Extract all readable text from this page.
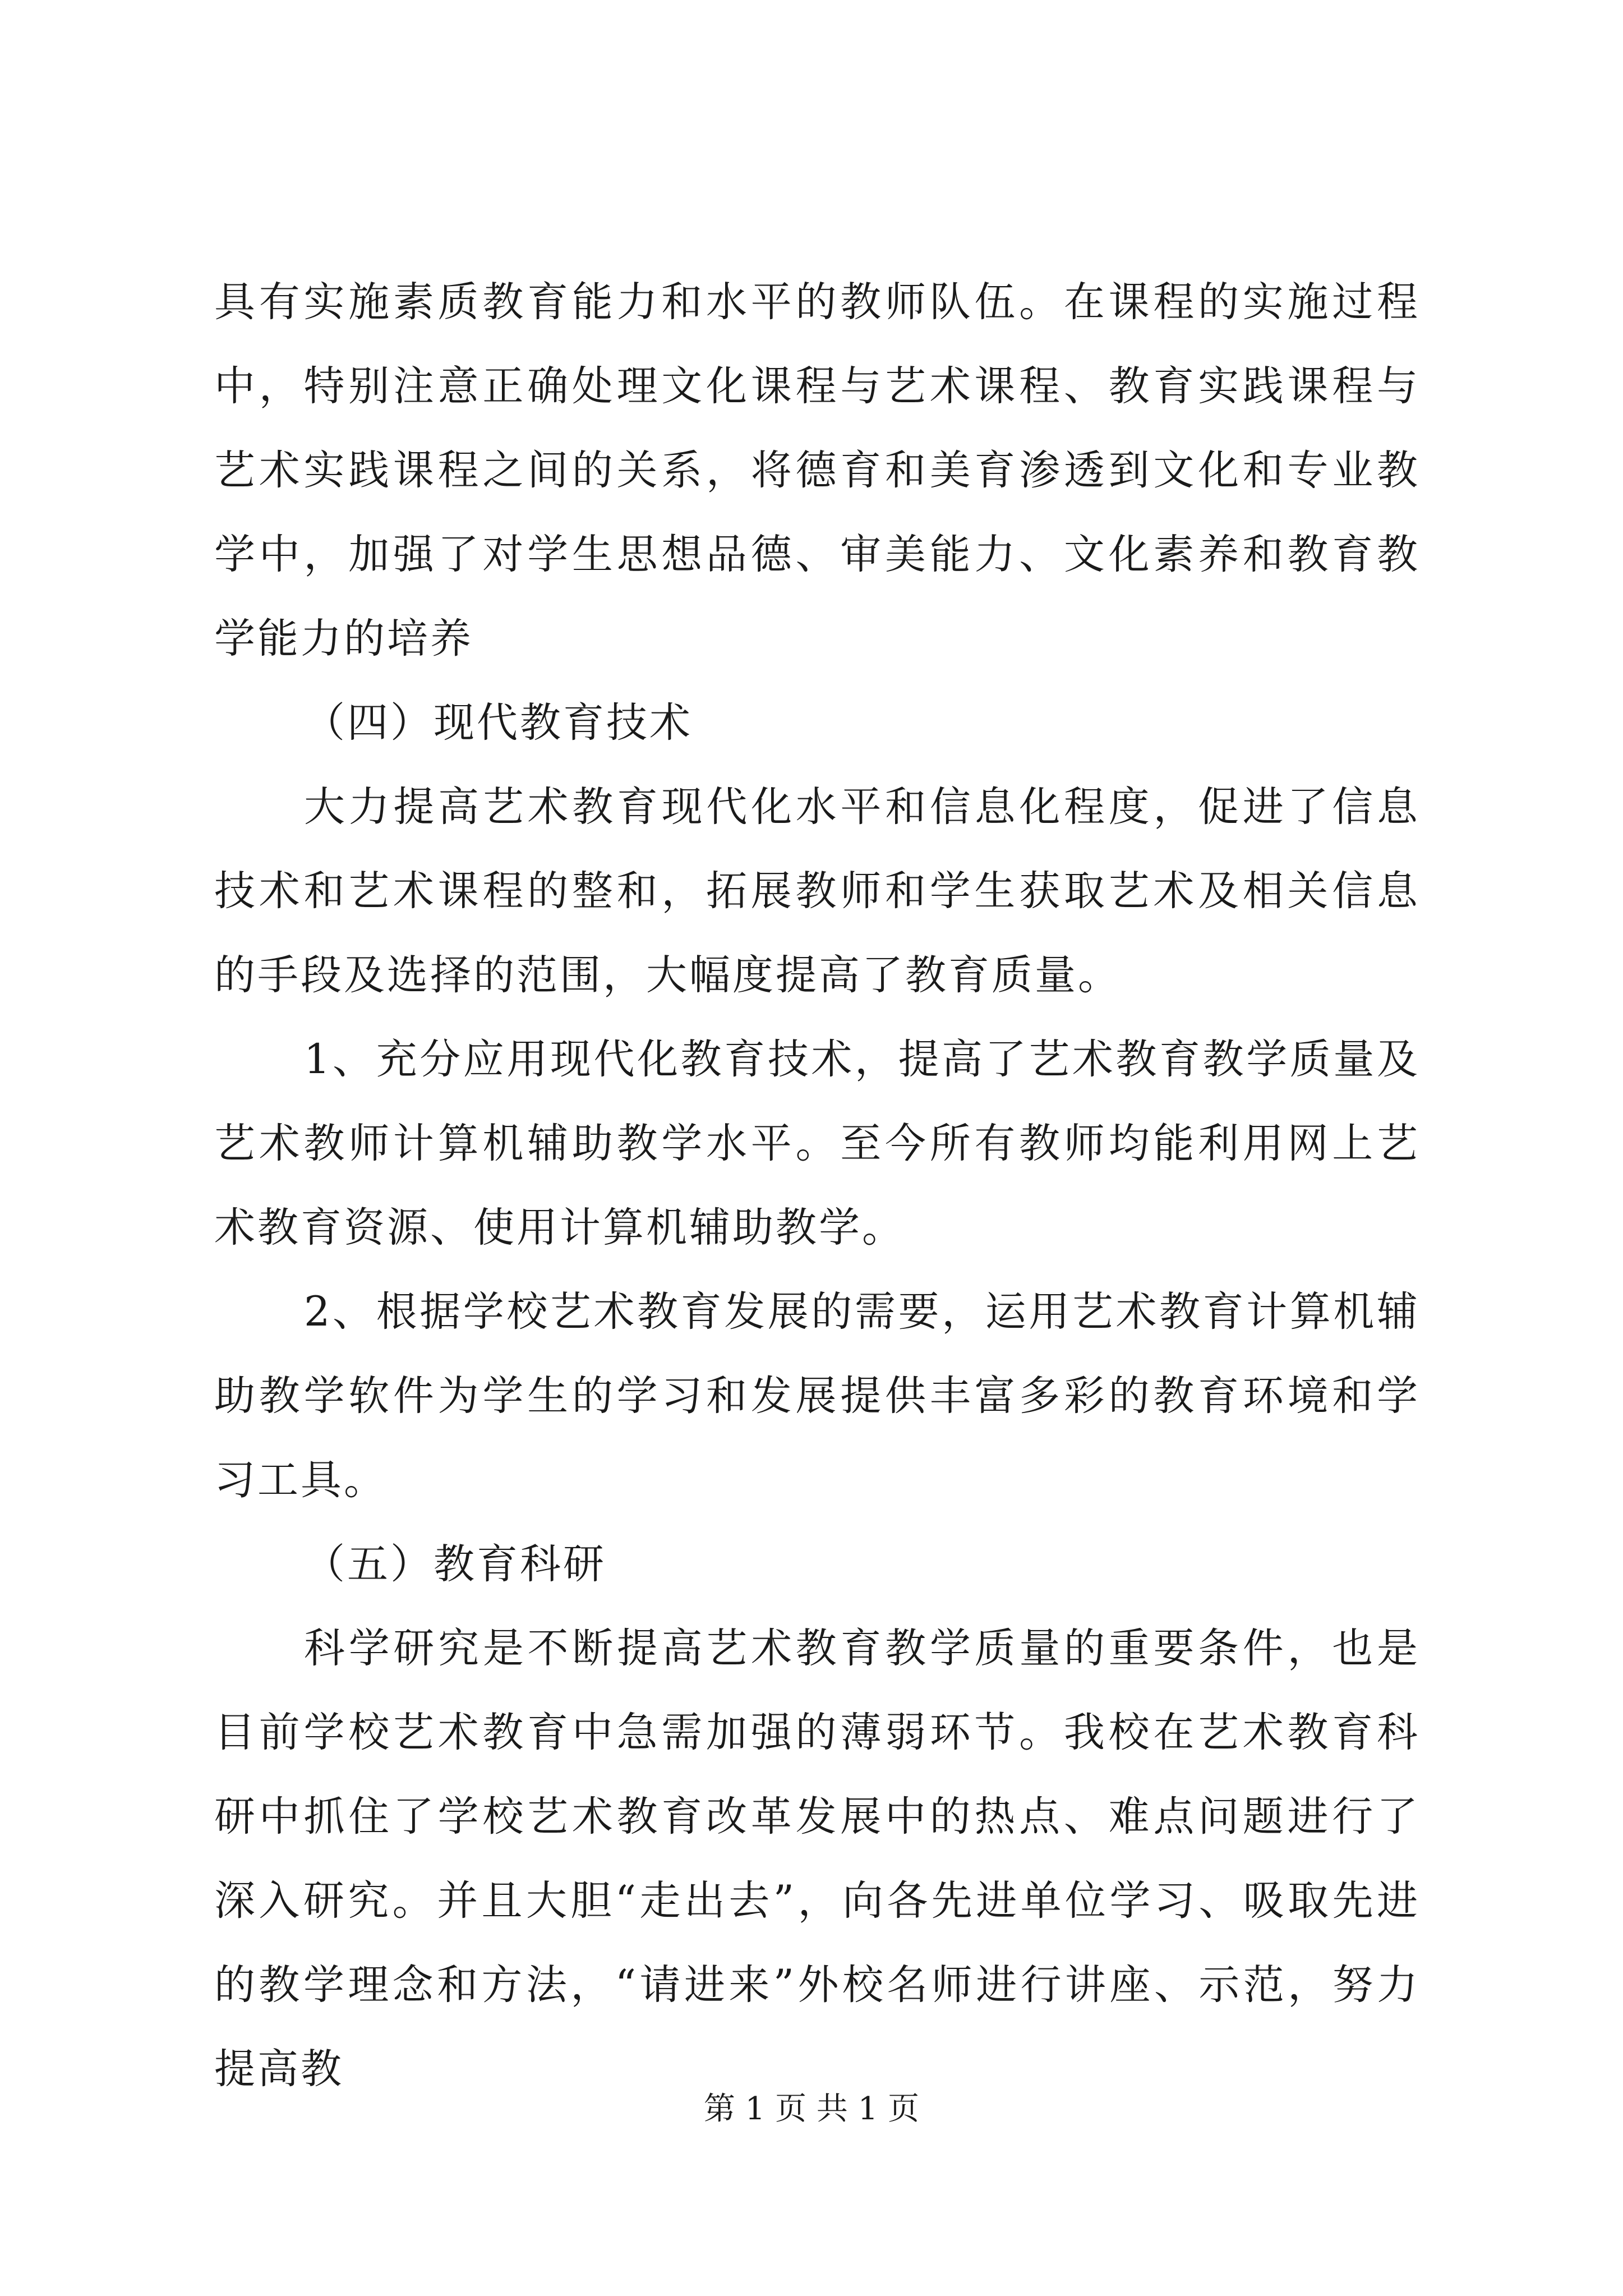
具有实施素质教育能力和水平的教师队伍。在课程的实施过程中，特别注意正确处理文化课程与艺术课程、教育实践课程与艺术实践课程之间的关系，将德育和美育渗透到文化和专业教学中，加强了对学生思想品德、审美能力、文化素养和教育教学能力的培养

（四）现代教育技术

大力提高艺术教育现代化水平和信息化程度，促进了信息技术和艺术课程的整和，拓展教师和学生获取艺术及相关信息的手段及选择的范围，大幅度提高了教育质量。

1、充分应用现代化教育技术，提高了艺术教育教学质量及艺术教师计算机辅助教学水平。至今所有教师均能利用网上艺术教育资源、使用计算机辅助教学。

2、根据学校艺术教育发展的需要，运用艺术教育计算机辅助教学软件为学生的学习和发展提供丰富多彩的教育环境和学习工具。

（五）教育科研

科学研究是不断提高艺术教育教学质量的重要条件，也是目前学校艺术教育中急需加强的薄弱环节。我校在艺术教育科研中抓住了学校艺术教育改革发展中的热点、难点问题进行了深入研究。并且大胆“走出去”，向各先进单位学习、吸取先进的教学理念和方法，“请进来”外校名师进行讲座、示范，努力提高教

第 1 页 共 1 页
